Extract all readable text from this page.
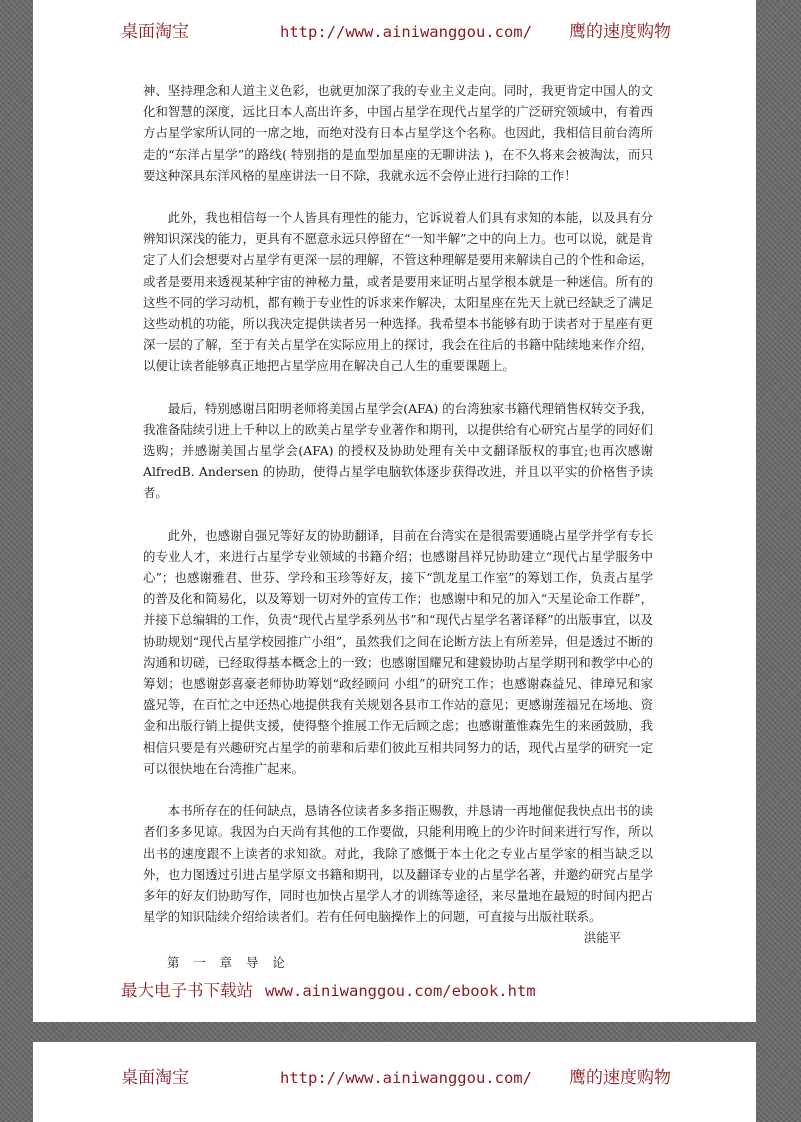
桌面淘宝	http://www.ainiwanggou.com/ 鹰的速度购物

神、坚持理念和人道主义色彩，也就更加深了我的专业主义走向。同时，我更肯定中国人的文化和智慧的深度，远比日本人高出许多，中国占星学在现代占星学的广泛研究领域中，有着西方占星学家所认同的一席之地，而绝对没有日本占星学这个名称。也因此，我相信目前台湾所走的“东洋占星学”的路线( 特别指的是血型加星座的无聊讲法 )，在不久将来会被淘汰，而只要这种深具东洋风格的星座讲法一日不除，我就永远不会停止进行扫除的工作！

此外，我也相信每一个人皆具有理性的能力，它诉说着人们具有求知的本能，以及具有分辨知识深浅的能力，更具有不愿意永远只停留在“一知半解”之中的向上力。也可以说，就是肯定了人们会想要对占星学有更深一层的理解，不管这种理解是要用来解读自己的个性和命运，或者是要用来透视某种宇宙的神秘力量，或者是要用来证明占星学根本就是一种迷信。所有的这些不同的学习动机，都有赖于专业性的诉求来作解决，太阳星座在先天上就已经缺乏了满足这些动机的功能，所以我决定提供读者另一种选择。我希望本书能够有助于读者对于星座有更深一层的了解，至于有关占星学在实际应用上的探讨，我会在往后的书籍中陆续地来作介绍，以便让读者能够真正地把占星学应用在解决自己人生的重要课题上。

最后，特别感谢吕阳明老师将美国占星学会(AFA) 的台湾独家书籍代理销售权转交予我，我准备陆续引进上千种以上的欧美占星学专业著作和期刊，以提供给有心研究占星学的同好们选购；并感谢美国占星学会(AFA) 的授权及协助处理有关中文翻译版权的事宜;也再次感谢 AlfredB. Andersen 的协助，使得占星学电脑软体逐步获得改进，并且以平实的价格售予读者。

此外，也感谢自强兄等好友的协助翻译，目前在台湾实在是很需要通晓占星学并学有专长的专业人才，来进行占星学专业领域的书籍介绍；也感谢昌祥兄协助建立“现代占星学服务中心”；也感谢雅君、世芬、学玲和玉珍等好友，接下“凯龙星工作室”的筹划工作，负责占星学的普及化和简易化，以及筹划一切对外的宣传工作；也感谢中和兄的加入“天星论命工作群”，并接下总编辑的工作，负责“现代占星学系列丛书”和“现代占星学名著译释”的出版事宜，以及协助规划“现代占星学校园推广小组”，虽然我们之间在论断方法上有所差异，但是透过不断的沟通和切磋，已经取得基本概念上的一致；也感谢国耀兄和建毅协助占星学期刊和教学中心的筹划；也感谢彭喜豪老师协助筹划“政经顾问 小组”的研究工作；也感谢森益兄、律璋兄和家盛兄等，在百忙之中还热心地提供我有关规划各县市工作站的意见；更感谢莲福兄在场地、资金和出版行销上提供支援，使得整个推展工作无后顾之虑；也感谢董惟森先生的来函鼓励，我相信只要是有兴趣研究占星学的前辈和后辈们彼此互相共同努力的话，现代占星学的研究一定可以很快地在台湾推广起来。

本书所存在的任何缺点，恳请各位读者多多指正赐教，并恳请一再地催促我快点出书的读者们多多见谅。我因为白天尚有其他的工作要做，只能利用晚上的少许时间来进行写作，所以出书的速度跟不上读者的求知欲。对此，我除了感慨于本土化之专业占星学家的相当缺乏以外，也力图透过引进占星学原文书籍和期刊，以及翻译专业的占星学名著，并邀约研究占星学多年的好友们协助写作，同时也加快占星学人才的训练等途径，来尽量地在最短的时间内把占星学的知识陆续介绍给读者们。若有任何电脑操作上的问题，可直接与出版社联系。

洪能平
第 一 章 导 论
最大电子书下载站 www.ainiwanggou.com/ebook.htm
桌面淘宝	http://www.ainiwanggou.com/ 鹰的速度购物
